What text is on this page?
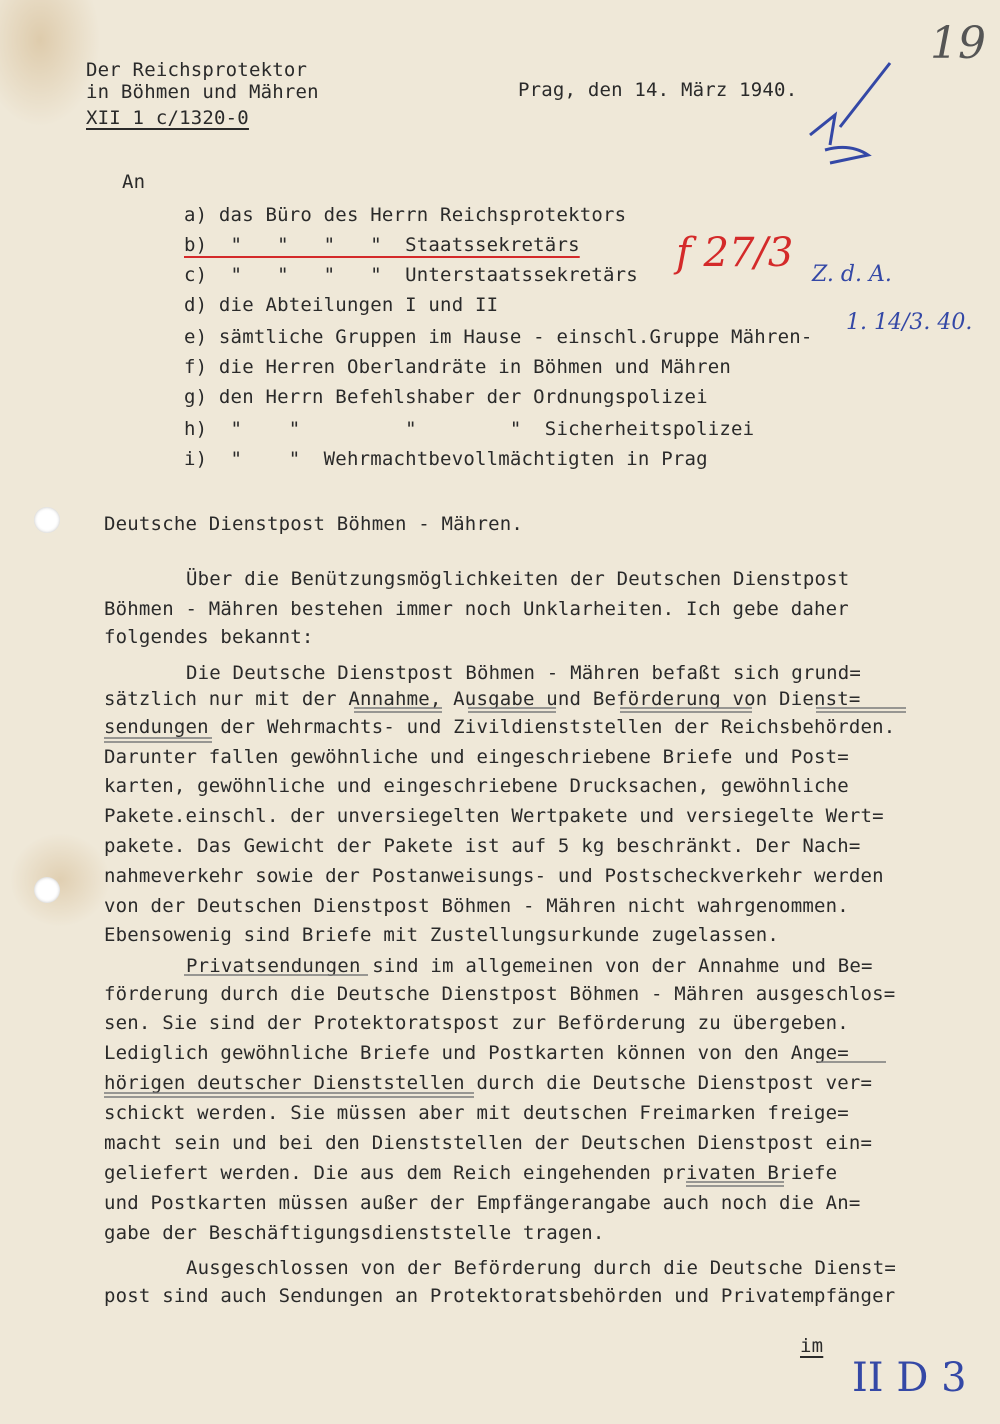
Der Reichsprotektor
in Böhmen und Mähren
XII 1 c/1320-0
Prag, den 14. März 1940.
19
f 27/3 Z. d. A.
1. 14/3. 40.
An
a) das Büro des Herrn Reichsprotektors
b)  "   "   "   "  Staatssekretärs
c)  "   "   "   "  Unterstaatssekretärs
d) die Abteilungen I und II
e) sämtliche Gruppen im Hause - einschl.Gruppe Mähren-
f) die Herren Oberlandräte in Böhmen und Mähren
g) den Herrn Befehlshaber der Ordnungspolizei
h)  "    "         "        "  Sicherheitspolizei
i)  "    "  Wehrmachtbevollmächtigten in Prag
Deutsche Dienstpost Böhmen - Mähren.
Über die Benützungsmöglichkeiten der Deutschen Dienstpost
Böhmen - Mähren bestehen immer noch Unklarheiten. Ich gebe daher
folgendes bekannt:
Die Deutsche Dienstpost Böhmen - Mähren befaßt sich grund=
sätzlich nur mit der Annahme, Ausgabe und Beförderung von Dienst=
sendungen der Wehrmachts- und Zivildienststellen der Reichsbehörden.
Darunter fallen gewöhnliche und eingeschriebene Briefe und Post=
karten, gewöhnliche und eingeschriebene Drucksachen, gewöhnliche
Pakete.einschl. der unversiegelten Wertpakete und versiegelte Wert=
pakete. Das Gewicht der Pakete ist auf 5 kg beschränkt. Der Nach=
nahmeverkehr sowie der Postanweisungs- und Postscheckverkehr werden
von der Deutschen Dienstpost Böhmen - Mähren nicht wahrgenommen.
Ebensowenig sind Briefe mit Zustellungsurkunde zugelassen.
Privatsendungen sind im allgemeinen von der Annahme und Be=
förderung durch die Deutsche Dienstpost Böhmen - Mähren ausgeschlos=
sen. Sie sind der Protektoratspost zur Beförderung zu übergeben.
Lediglich gewöhnliche Briefe und Postkarten können von den Ange=
hörigen deutscher Dienststellen durch die Deutsche Dienstpost ver=
schickt werden. Sie müssen aber mit deutschen Freimarken freige=
macht sein und bei den Dienststellen der Deutschen Dienstpost ein=
geliefert werden. Die aus dem Reich eingehenden privaten Briefe
und Postkarten müssen außer der Empfängerangabe auch noch die An=
gabe der Beschäftigungsdienststelle tragen.
Ausgeschlossen von der Beförderung durch die Deutsche Dienst=
post sind auch Sendungen an Protektoratsbehörden und Privatempfänger
im
II D 3
